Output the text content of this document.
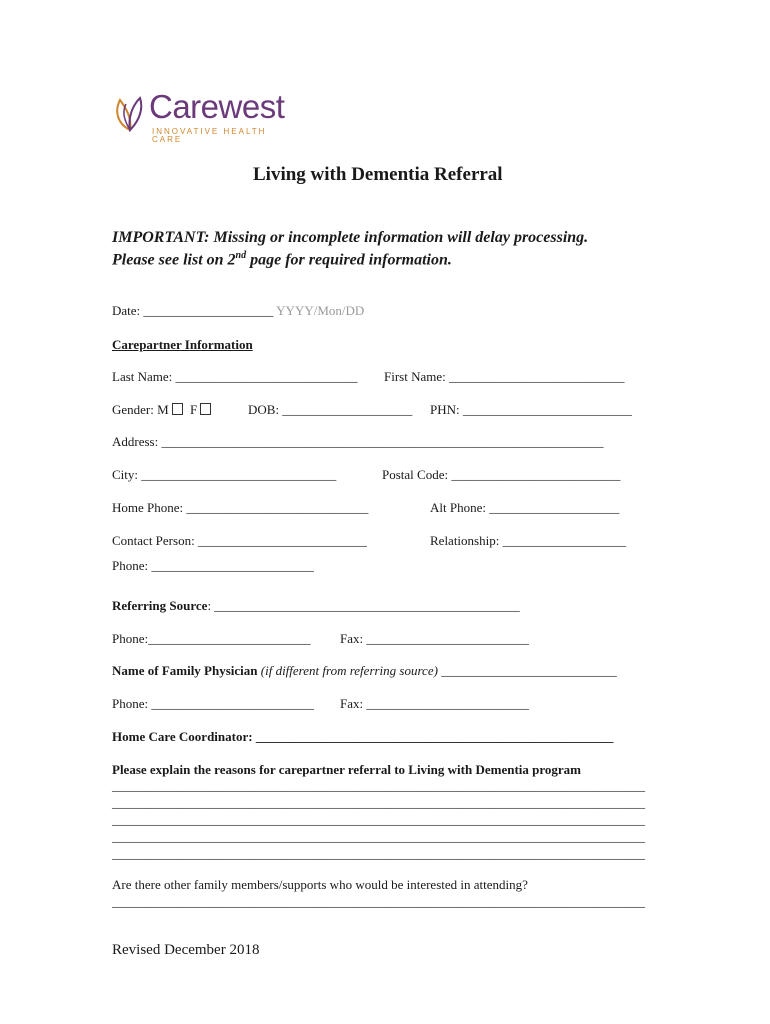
Carewest
INNOVATIVE HEALTH CARE
Living with Dementia Referral
IMPORTANT: Missing or incomplete information will delay processing.
Please see list on 2nd page for required information.
Date: ____________________ YYYY/Mon/DD
Carepartner Information
Last Name: ____________________________ First Name: ___________________________
Gender: M F	DOB: ____________________ PHN: __________________________
Address: ____________________________________________________________________
City: ______________________________	Postal Code: __________________________
Home Phone: ____________________________	Alt Phone: ____________________
Contact Person: __________________________	Relationship: ___________________
Phone: _________________________
Referring Source: _______________________________________________
Phone:_________________________ Fax: _________________________
Name of Family Physician (if different from referring source) ___________________________
Phone: _________________________ Fax: _________________________
Home Care Coordinator: _______________________________________________________
Please explain the reasons for carepartner referral to Living with Dementia program
__________________________________________________________________________________
__________________________________________________________________________________
__________________________________________________________________________________
__________________________________________________________________________________
__________________________________________________________________________________
Are there other family members/supports who would be interested in attending?
__________________________________________________________________________________
Revised December 2018
